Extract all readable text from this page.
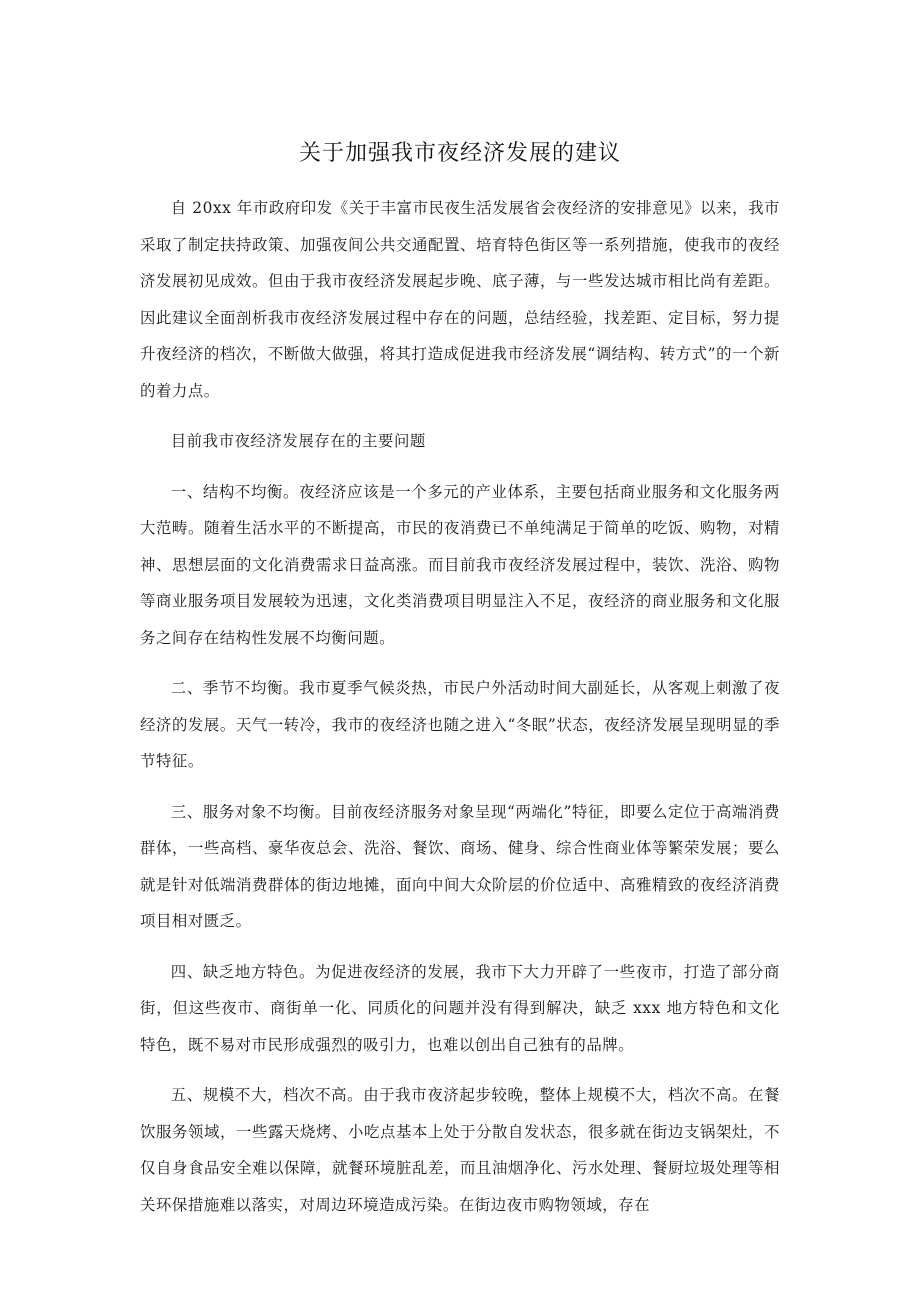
关于加强我市夜经济发展的建议

自 20xx 年市政府印发《关于丰富市民夜生活发展省会夜经济的安排意见》以来，我市采取了制定扶持政策、加强夜间公共交通配置、培育特色街区等一系列措施，使我市的夜经济发展初见成效。但由于我市夜经济发展起步晚、底子薄，与一些发达城市相比尚有差距。因此建议全面剖析我市夜经济发展过程中存在的问题，总结经验，找差距、定目标，努力提升夜经济的档次，不断做大做强，将其打造成促进我市经济发展“调结构、转方式”的一个新的着力点。

目前我市夜经济发展存在的主要问题

一、结构不均衡。夜经济应该是一个多元的产业体系，主要包括商业服务和文化服务两大范畴。随着生活水平的不断提高，市民的夜消费已不单纯满足于简单的吃饭、购物，对精神、思想层面的文化消费需求日益高涨。而目前我市夜经济发展过程中，装饮、洗浴、购物等商业服务项目发展较为迅速，文化类消费项目明显注入不足，夜经济的商业服务和文化服务之间存在结构性发展不均衡问题。

二、季节不均衡。我市夏季气候炎热，市民户外活动时间大副延长，从客观上刺激了夜经济的发展。天气一转冷，我市的夜经济也随之进入“冬眠”状态，夜经济发展呈现明显的季节特征。

三、服务对象不均衡。目前夜经济服务对象呈现“两端化”特征，即要么定位于高端消费群体，一些高档、豪华夜总会、洗浴、餐饮、商场、健身、综合性商业体等繁荣发展；要么就是针对低端消费群体的街边地摊，面向中间大众阶层的价位适中、高雅精致的夜经济消费项目相对匮乏。

四、缺乏地方特色。为促进夜经济的发展，我市下大力开辟了一些夜市，打造了部分商街，但这些夜市、商街单一化、同质化的问题并没有得到解决，缺乏 xxx 地方特色和文化特色，既不易对市民形成强烈的吸引力，也难以创出自己独有的品牌。

五、规模不大，档次不高。由于我市夜济起步较晚，整体上规模不大，档次不高。在餐饮服务领域，一些露天烧烤、小吃点基本上处于分散自发状态，很多就在街边支锅架灶，不仅自身食品安全难以保障，就餐环境脏乱差，而且油烟净化、污水处理、餐厨垃圾处理等相关环保措施难以落实，对周边环境造成污染。在街边夜市购物领域，存在
